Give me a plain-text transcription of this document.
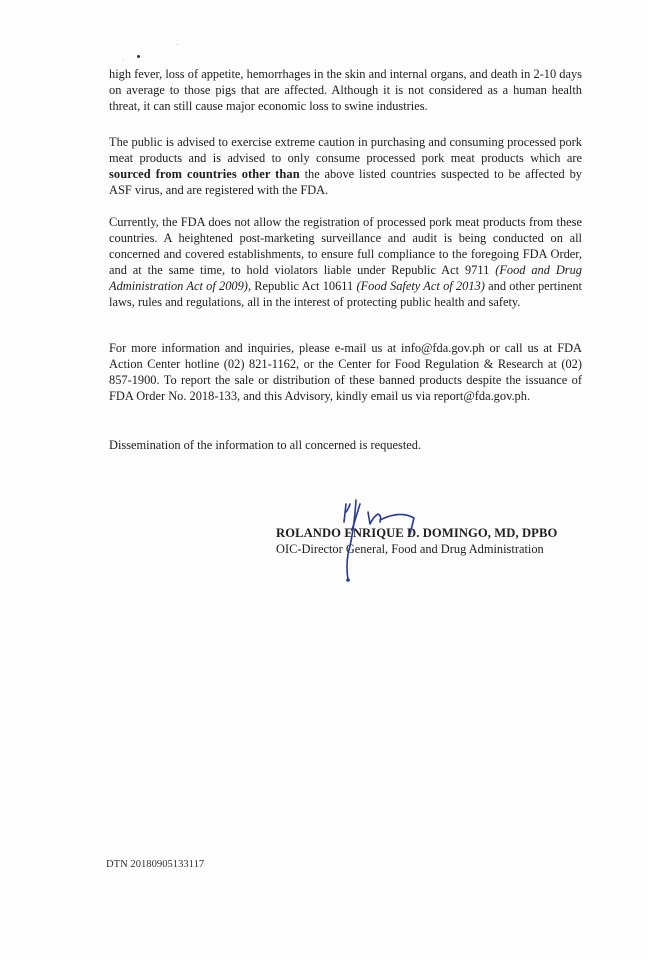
high fever, loss of appetite, hemorrhages in the skin and internal organs, and death in 2-10 days on average to those pigs that are affected. Although it is not considered as a human health threat, it can still cause major economic loss to swine industries.

The public is advised to exercise extreme caution in purchasing and consuming processed pork meat products and is advised to only consume processed pork meat products which are sourced from countries other than the above listed countries suspected to be affected by ASF virus, and are registered with the FDA.

Currently, the FDA does not allow the registration of processed pork meat products from these countries. A heightened post-marketing surveillance and audit is being conducted on all concerned and covered establishments, to ensure full compliance to the foregoing FDA Order, and at the same time, to hold violators liable under Republic Act 9711 (Food and Drug Administration Act of 2009), Republic Act 10611 (Food Safety Act of 2013) and other pertinent laws, rules and regulations, all in the interest of protecting public health and safety.

For more information and inquiries, please e-mail us at info@fda.gov.ph or call us at FDA Action Center hotline (02) 821-1162, or the Center for Food Regulation & Research at (02) 857-1900. To report the sale or distribution of these banned products despite the issuance of FDA Order No. 2018-133, and this Advisory, kindly email us via report@fda.gov.ph.

Dissemination of the information to all concerned is requested.

ROLANDO ENRIQUE D. DOMINGO, MD, DPBO
OIC-Director General, Food and Drug Administration
DTN 20180905133117
